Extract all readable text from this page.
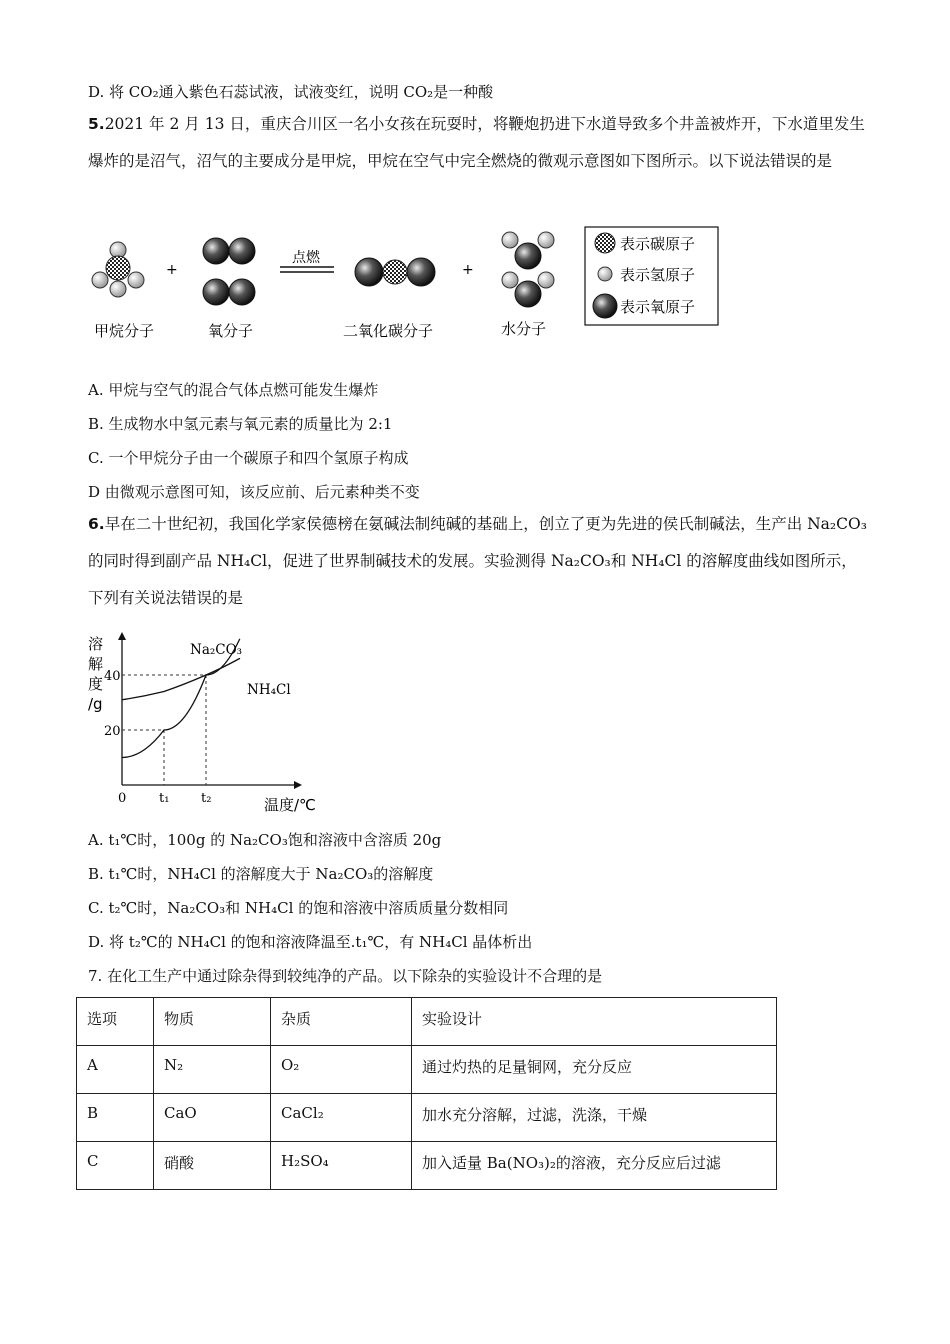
D. 将 CO₂通入紫色石蕊试液，试液变红，说明 CO₂是一种酸
5.2021 年 2 月 13 日，重庆合川区一名小女孩在玩耍时，将鞭炮扔进下水道导致多个井盖被炸开，下水道里发生爆炸的是沼气，沼气的主要成分是甲烷，甲烷在空气中完全燃烧的微观示意图如下图所示。以下说法错误的是
甲烷分子
+
氧分子
点燃
二氧化碳分子
+
水分子
表示碳原子
表示氢原子
表示氧原子
A. 甲烷与空气的混合气体点燃可能发生爆炸
B. 生成物水中氢元素与氧元素的质量比为 2:1
C. 一个甲烷分子由一个碳原子和四个氢原子构成
D 由微观示意图可知，该反应前、后元素种类不变
6.早在二十世纪初，我国化学家侯德榜在氨碱法制纯碱的基础上，创立了更为先进的侯氏制碱法，生产出 Na₂CO₃的同时得到副产品 NH₄Cl，促进了世界制碱技术的发展。实验测得 Na₂CO₃和 NH₄Cl 的溶解度曲线如图所示，下列有关说法错误的是
溶
解
度
/g
温度/℃
0
20
40
t₁ t₂
Na₂CO₃
NH₄Cl
A. t₁℃时，100g 的 Na₂CO₃饱和溶液中含溶质 20g
B. t₁℃时，NH₄Cl 的溶解度大于 Na₂CO₃的溶解度
C. t₂℃时，Na₂CO₃和 NH₄Cl 的饱和溶液中溶质质量分数相同
D. 将 t₂℃的 NH₄Cl 的饱和溶液降温至.t₁℃，有 NH₄Cl 晶体析出
7. 在化工生产中通过除杂得到较纯净的产品。以下除杂的实验设计不合理的是
选项	物质	杂质	实验设计
A	N₂	O₂	通过灼热的足量铜网，充分反应
B	CaO	CaCl₂	加水充分溶解，过滤，洗涤，干燥
C	硝酸	H₂SO₄	加入适量 Ba(NO₃)₂的溶液，充分反应后过滤
